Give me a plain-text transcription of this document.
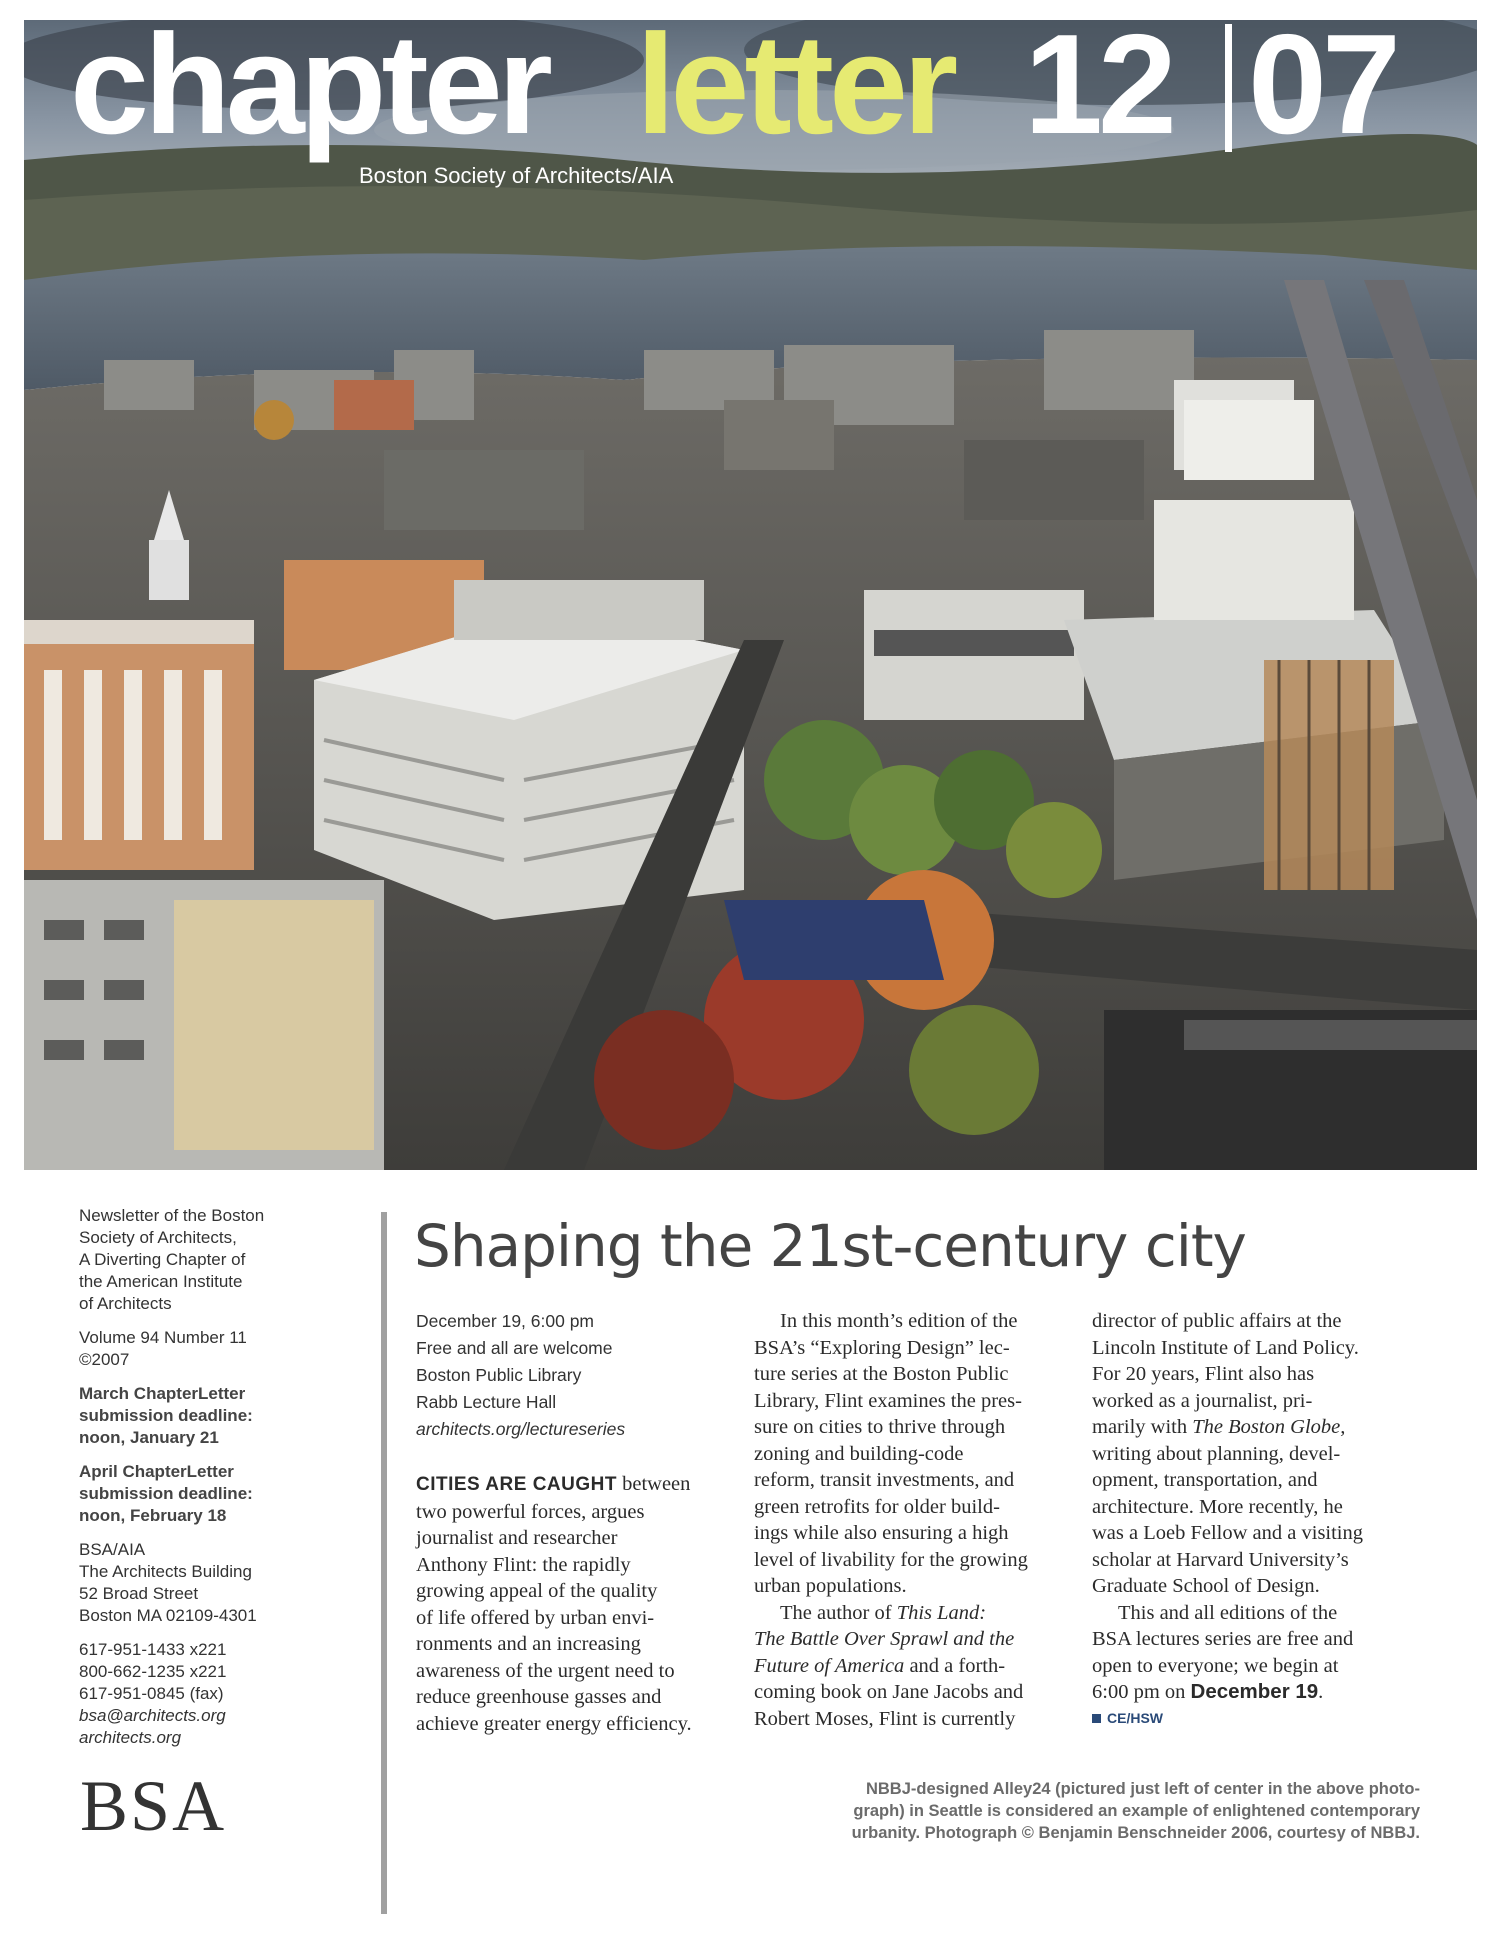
chapter letter 12 07
Boston Society of Architects/AIA
Newsletter of the Boston
Society of Architects,
A Diverting Chapter of
the American Institute
of Architects
Volume 94 Number 11
©2007
March ChapterLetter
submission deadline:
noon, January 21
April ChapterLetter
submission deadline:
noon, February 18
BSA/AIA
The Architects Building
52 Broad Street
Boston MA 02109-4301
617-951-1433 x221
800-662-1235 x221
617-951-0845 (fax)
bsa@architects.org
architects.org
BSA
Shaping the 21st-century city
December 19, 6:00 pm
Free and all are welcome
Boston Public Library
Rabb Lecture Hall
architects.org/lectureseries
CITIES ARE CAUGHT between
two powerful forces, argues
journalist and researcher
Anthony Flint: the rapidly
growing appeal of the quality
of life offered by urban envi-
ronments and an increasing
awareness of the urgent need to
reduce greenhouse gasses and
achieve greater energy efficiency.
In this month’s edition of the
BSA’s “Exploring Design” lec-
ture series at the Boston Public
Library, Flint examines the pres-
sure on cities to thrive through
zoning and building-code
reform, transit investments, and
green retrofits for older build-
ings while also ensuring a high
level of livability for the growing
urban populations.
The author of This Land:
The Battle Over Sprawl and the
Future of America and a forth-
coming book on Jane Jacobs and
Robert Moses, Flint is currently
director of public affairs at the
Lincoln Institute of Land Policy.
For 20 years, Flint also has
worked as a journalist, pri-
marily with The Boston Globe,
writing about planning, devel-
opment, transportation, and
architecture. More recently, he
was a Loeb Fellow and a visiting
scholar at Harvard University’s
Graduate School of Design.
This and all editions of the
BSA lectures series are free and
open to everyone; we begin at
6:00 pm on December 19.
CE/HSW
NBBJ-designed Alley24 (pictured just left of center in the above photo-
graph) in Seattle is considered an example of enlightened contemporary
urbanity. Photograph © Benjamin Benschneider 2006, courtesy of NBBJ.
